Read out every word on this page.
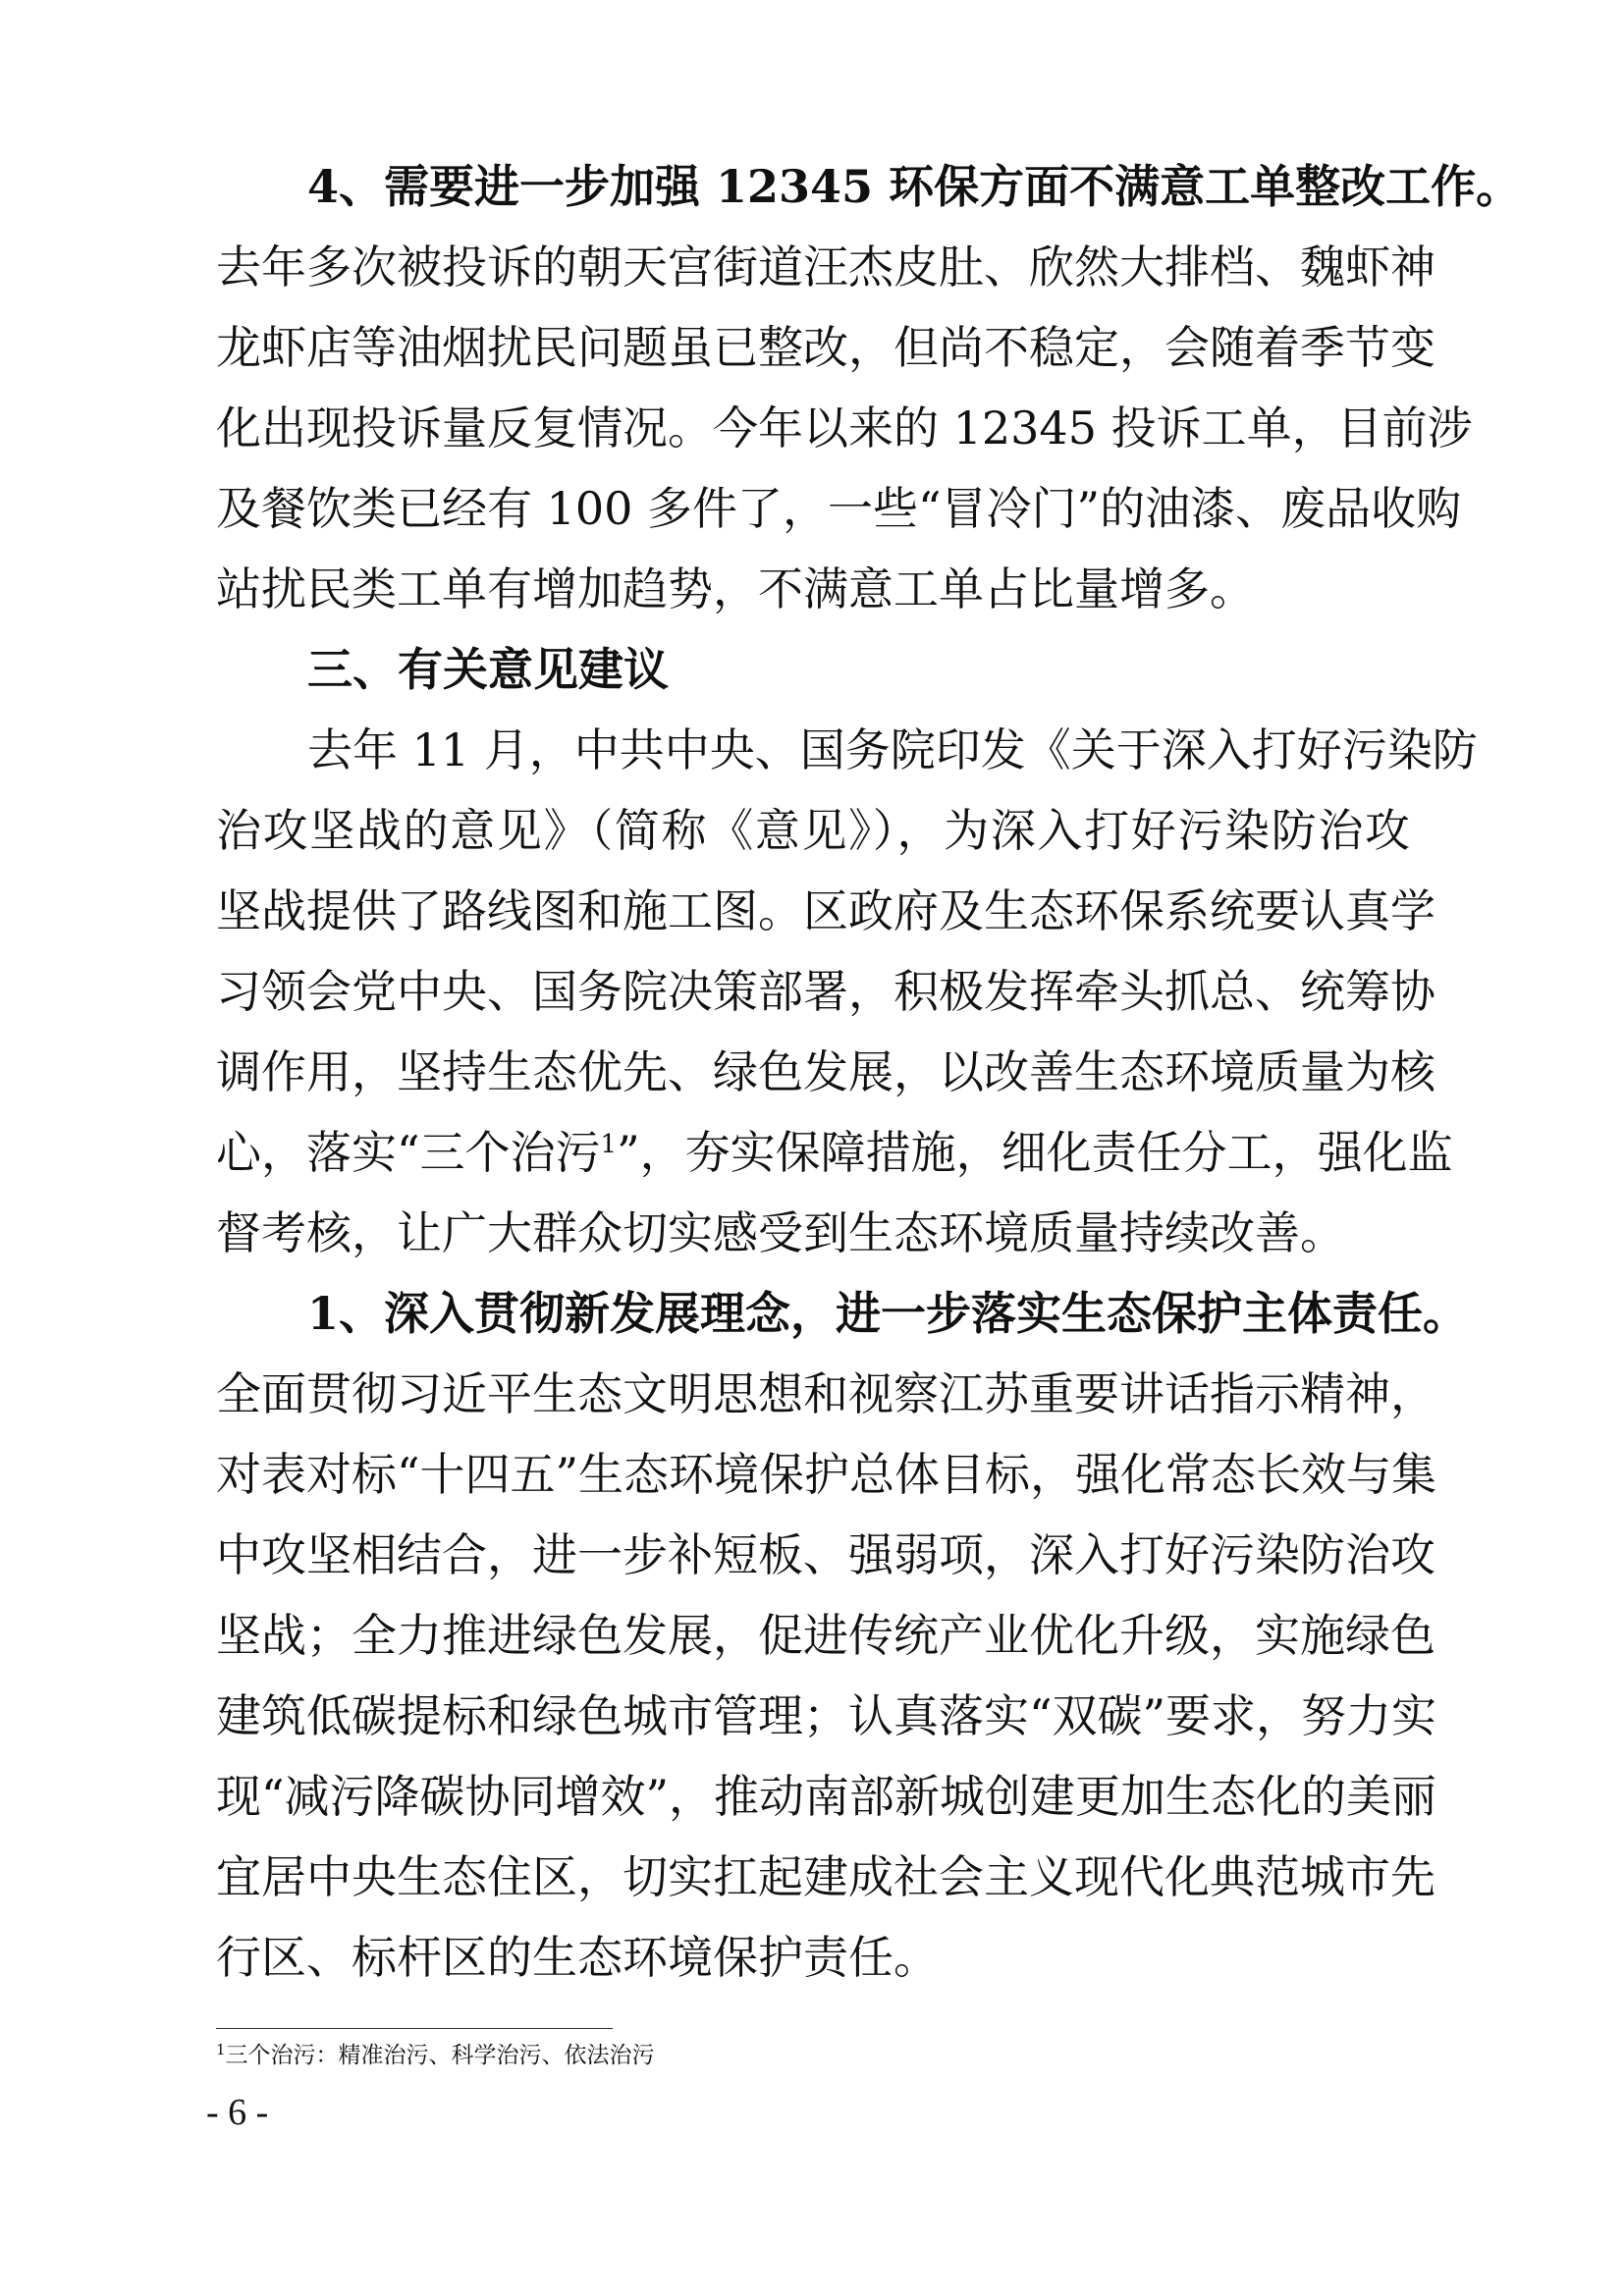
4、需要进一步加强 12345 环保方面不满意工单整改工作。
去年多次被投诉的朝天宫街道汪杰皮肚、欣然大排档、魏虾神
龙虾店等油烟扰民问题虽已整改，但尚不稳定，会随着季节变
化出现投诉量反复情况。今年以来的 12345 投诉工单，目前涉
及餐饮类已经有 100 多件了，一些“冒冷门”的油漆、废品收购
站扰民类工单有增加趋势，不满意工单占比量增多。
三、有关意见建议
去年 11 月，中共中央、国务院印发《关于深入打好污染防
治攻坚战的意见》（简称《意见》），为深入打好污染防治攻
坚战提供了路线图和施工图。区政府及生态环保系统要认真学
习领会党中央、国务院决策部署，积极发挥牵头抓总、统筹协
调作用，坚持生态优先、绿色发展，以改善生态环境质量为核
心，落实“三个治污$^1$”，夯实保障措施，细化责任分工，强化监
督考核，让广大群众切实感受到生态环境质量持续改善。
1、深入贯彻新发展理念，进一步落实生态保护主体责任。
全面贯彻习近平生态文明思想和视察江苏重要讲话指示精神，
对表对标“十四五”生态环境保护总体目标，强化常态长效与集
中攻坚相结合，进一步补短板、强弱项，深入打好污染防治攻
坚战；全力推进绿色发展，促进传统产业优化升级，实施绿色
建筑低碳提标和绿色城市管理；认真落实“双碳”要求，努力实
现“减污降碳协同增效”，推动南部新城创建更加生态化的美丽
宜居中央生态住区，切实扛起建成社会主义现代化典范城市先
行区、标杆区的生态环境保护责任。
$^1$三个治污：精准治污、科学治污、依法治污
- 6 -
